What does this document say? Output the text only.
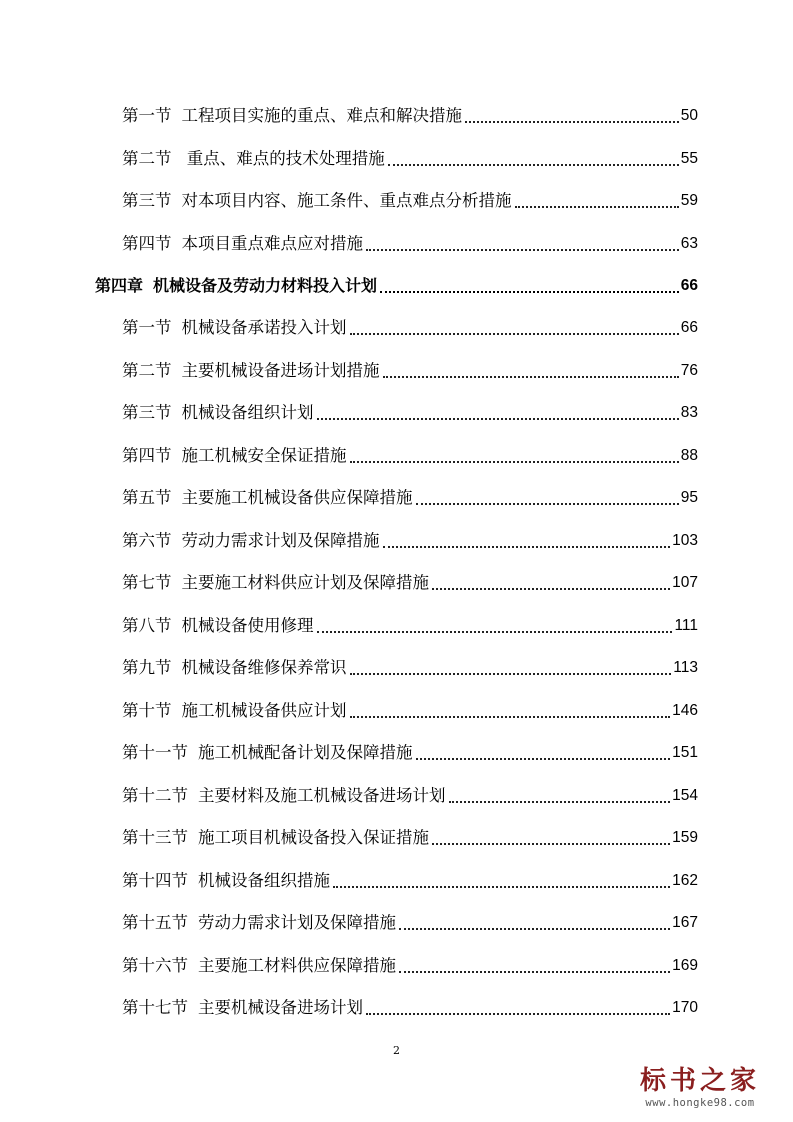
第一节 工程项目实施的重点、难点和解决措施	50
第二节 重点、难点的技术处理措施	55
第三节 对本项目内容、施工条件、重点难点分析措施	59
第四节 本项目重点难点应对措施	63
第四章 机械设备及劳动力材料投入计划	66
第一节 机械设备承诺投入计划	66
第二节 主要机械设备进场计划措施	76
第三节 机械设备组织计划	83
第四节 施工机械安全保证措施	88
第五节 主要施工机械设备供应保障措施	95
第六节 劳动力需求计划及保障措施	103
第七节 主要施工材料供应计划及保障措施	107
第八节 机械设备使用修理	111
第九节 机械设备维修保养常识	113
第十节 施工机械设备供应计划	146
第十一节 施工机械配备计划及保障措施	151
第十二节 主要材料及施工机械设备进场计划	154
第十三节 施工项目机械设备投入保证措施	159
第十四节 机械设备组织措施	162
第十五节 劳动力需求计划及保障措施	167
第十六节 主要施工材料供应保障措施	169
第十七节 主要机械设备进场计划	170
2
标书之家
www.hongke98.com
